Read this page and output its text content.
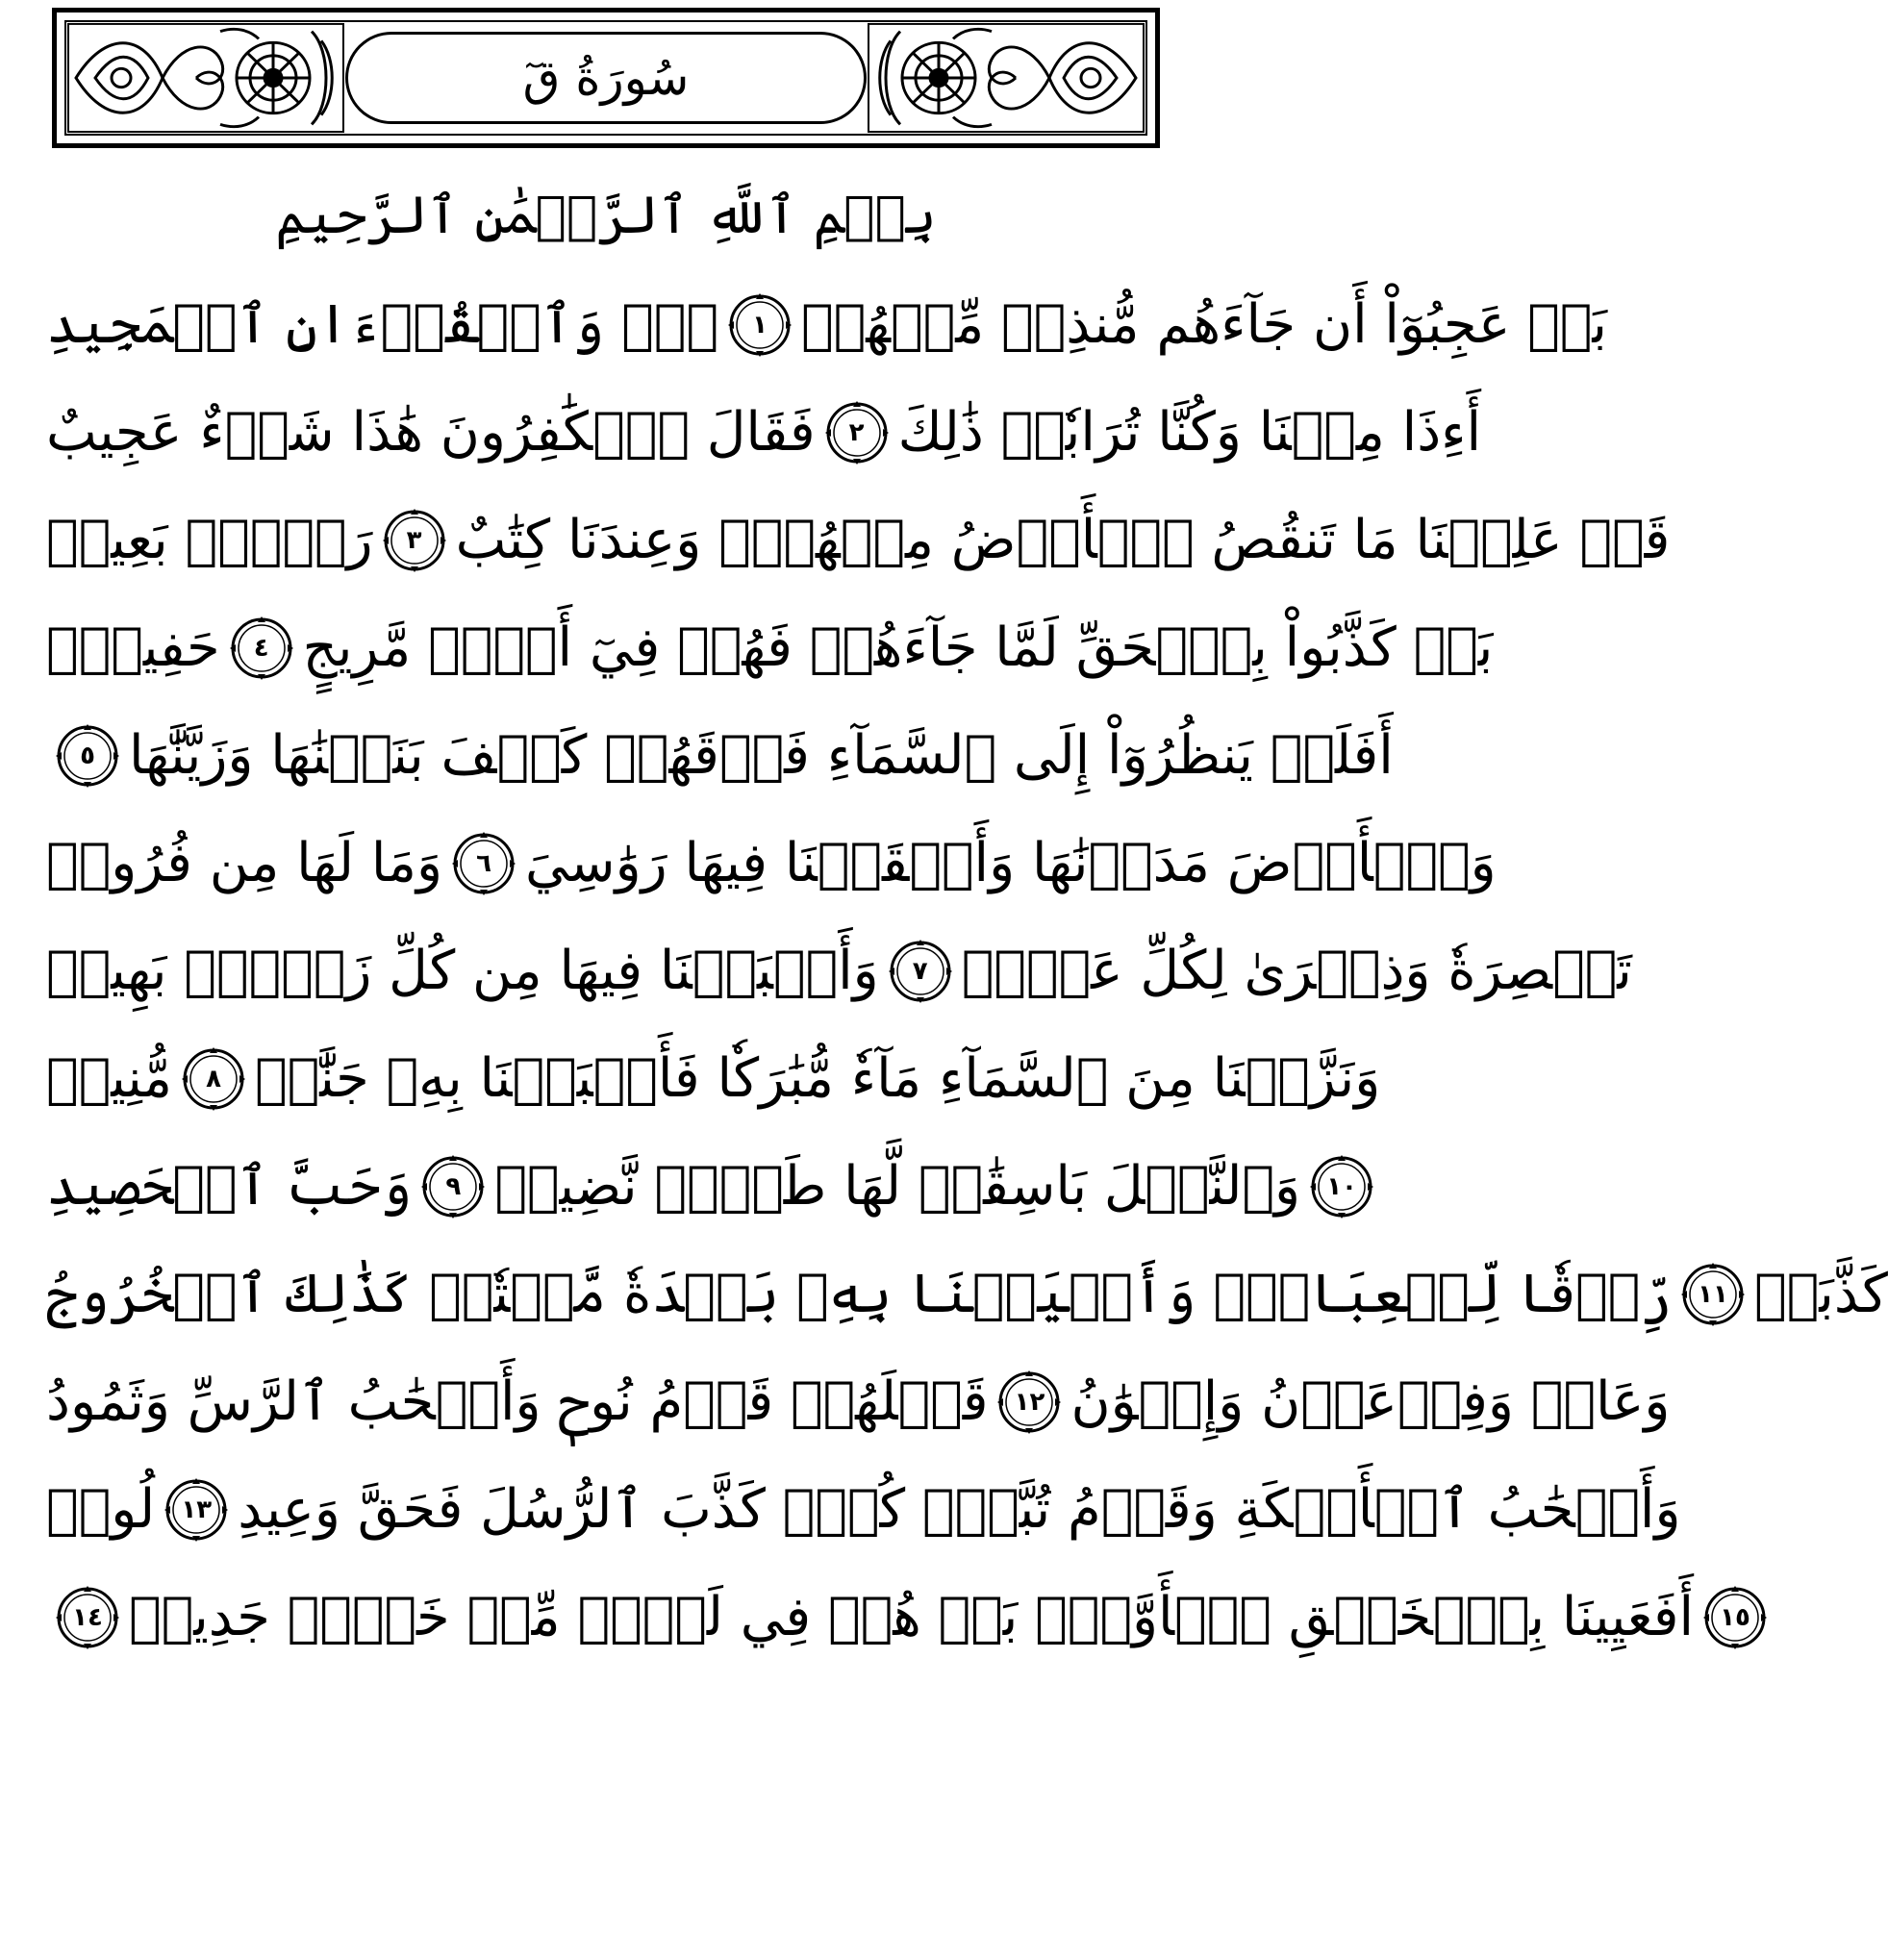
سُورَةُ قٓ
بِسۡمِ ٱللَّهِ ٱلرَّحۡمَٰنِ ٱلرَّحِيمِ
قٓۚ وَٱلۡقُرۡءَانِ ٱلۡمَجِيدِ ١ بَلۡ عَجِبُوٓاْ أَن جَآءَهُم مُّنذِرٞ مِّنۡهُمۡ
فَقَالَ ٱلۡكَٰفِرُونَ هَٰذَا شَيۡءٌ عَجِيبٌ ٢ أَءِذَا مِتۡنَا وَكُنَّا تُرَابٗاۖ ذَٰلِكَ
رَجۡعُۢ بَعِيدٞ ٣ قَدۡ عَلِمۡنَا مَا تَنقُصُ ٱلۡأَرۡضُ مِنۡهُمۡۖ وَعِندَنَا كِتَٰبٌ
حَفِيظُۢ ٤ بَلۡ كَذَّبُواْ بِٱلۡحَقِّ لَمَّا جَآءَهُمۡ فَهُمۡ فِيٓ أَمۡرٖ مَّرِيجٍ
٥ أَفَلَمۡ يَنظُرُوٓاْ إِلَى ٱلسَّمَآءِ فَوۡقَهُمۡ كَيۡفَ بَنَيۡنَٰهَا وَزَيَّنَّٰهَا
وَمَا لَهَا مِن فُرُوجٖ ٦ وَٱلۡأَرۡضَ مَدَدۡنَٰهَا وَأَلۡقَيۡنَا فِيهَا رَوَٰسِيَ
وَأَنۢبَتۡنَا فِيهَا مِن كُلِّ زَوۡجِۢ بَهِيجٖ ٧ تَبۡصِرَةٗ وَذِكۡرَىٰ لِكُلِّ عَبۡدٖ
مُّنِيبٖ ٨ وَنَزَّلۡنَا مِنَ ٱلسَّمَآءِ مَآءٗ مُّبَٰرَكٗا فَأَنۢبَتۡنَا بِهِۦ جَنَّٰتٖ
وَحَبَّ ٱلۡحَصِيدِ ٩ وَٱلنَّخۡلَ بَاسِقَٰتٖ لَّهَا طَلۡعٞ نَّضِيدٞ ١٠
رِّزۡقٗا لِّلۡعِبَادِۖ وَأَحۡيَيۡنَا بِهِۦ بَلۡدَةٗ مَّيۡتٗاۚ كَذَٰلِكَ ٱلۡخُرُوجُ ١١ كَذَّبَتۡ
قَبۡلَهُمۡ قَوۡمُ نُوحٖ وَأَصۡحَٰبُ ٱلرَّسِّ وَثَمُودُ ١٢ وَعَادٞ وَفِرۡعَوۡنُ وَإِخۡوَٰنُ
لُوطٖ ١٣ وَأَصۡحَٰبُ ٱلۡأَيۡكَةِ وَقَوۡمُ تُبَّعٖۚ كُلّٞ كَذَّبَ ٱلرُّسُلَ فَحَقَّ وَعِيدِ
١٤ أَفَعَيِينَا بِٱلۡخَلۡقِ ٱلۡأَوَّلِۚ بَلۡ هُمۡ فِي لَبۡسٖ مِّنۡ خَلۡقٖ جَدِيدٖ ١٥
